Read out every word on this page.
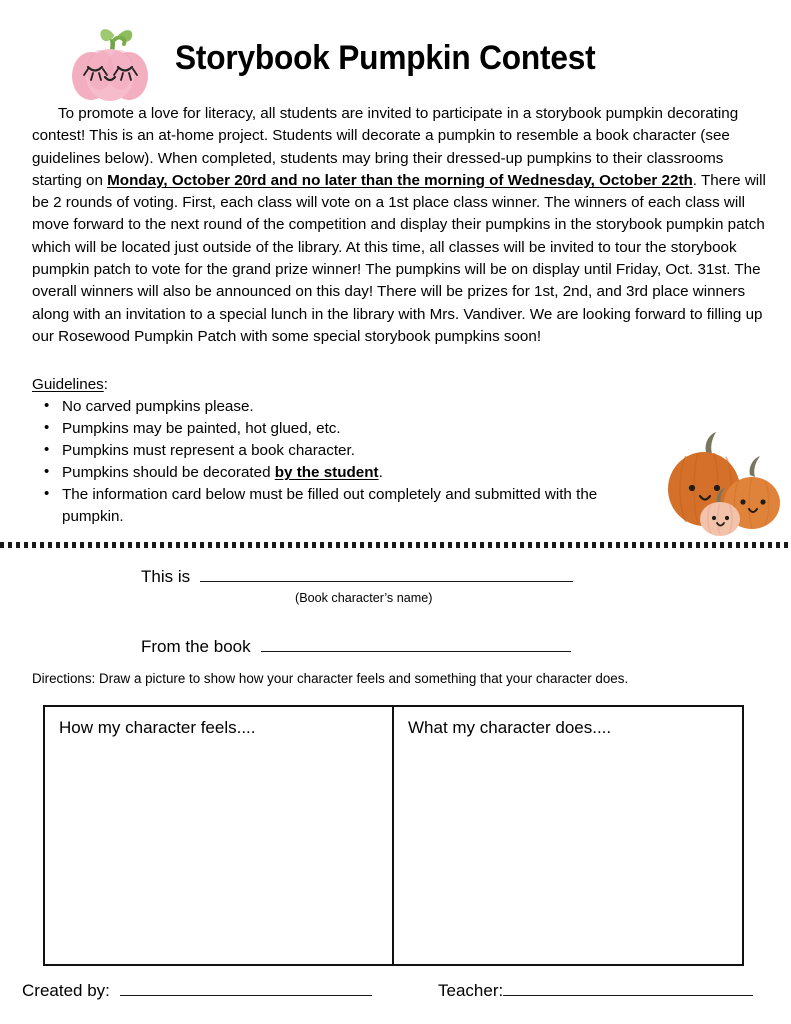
Storybook Pumpkin Contest
To promote a love for literacy, all students are invited to participate in a storybook pumpkin decorating contest! This is an at-home project. Students will decorate a pumpkin to resemble a book character (see guidelines below). When completed, students may bring their dressed-up pumpkins to their classrooms starting on Monday, October 20rd and no later than the morning of Wednesday, October 22th. There will be 2 rounds of voting. First, each class will vote on a 1st place class winner. The winners of each class will move forward to the next round of the competition and display their pumpkins in the storybook pumpkin patch which will be located just outside of the library. At this time, all classes will be invited to tour the storybook pumpkin patch to vote for the grand prize winner! The pumpkins will be on display until Friday, Oct. 31st. The overall winners will also be announced on this day! There will be prizes for 1st, 2nd, and 3rd place winners along with an invitation to a special lunch in the library with Mrs. Vandiver. We are looking forward to filling up our Rosewood Pumpkin Patch with some special storybook pumpkins soon!
Guidelines:
• No carved pumpkins please.
• Pumpkins may be painted, hot glued, etc.
• Pumpkins must represent a book character.
• Pumpkins should be decorated by the student.
• The information card below must be filled out completely and submitted with the pumpkin.
This is
(Book character’s name)
From the book
Directions: Draw a picture to show how your character feels and something that your character does.
How my character feels....	What my character does....
Created by:	Teacher:
